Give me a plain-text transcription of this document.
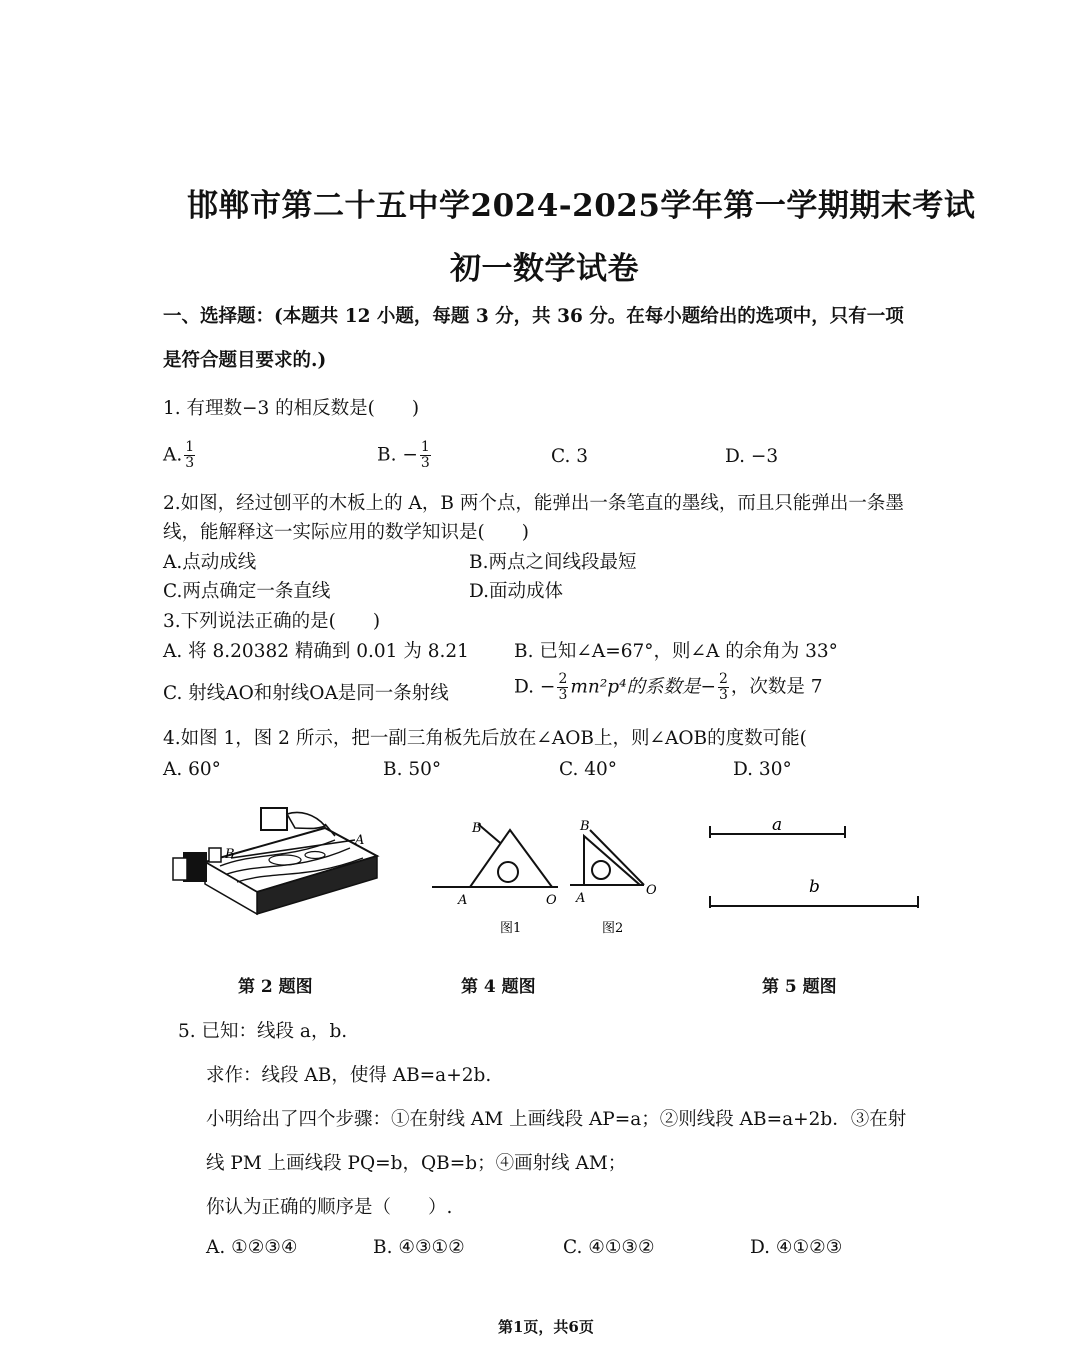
邯郸市第二十五中学2024-2025学年第一学期期末考试
初一数学试卷
一、选择题：(本题共 12 小题，每题 3 分，共 36 分。在每小题给出的选项中，只有一项
是符合题目要求的.)
1. 有理数−3 的相反数是(　　)
A. $\frac{1}{3}$	B. − $\frac{1}{3}$	C. 3	D. −3
2.如图，经过刨平的木板上的 A，B 两个点，能弹出一条笔直的墨线，而且只能弹出一条墨
线，能解释这一实际应用的数学知识是(　　)
A.点动成线	B.两点之间线段最短
C.两点确定一条直线	D.面动成体
3.下列说法正确的是(　　)
A. 将 8.20382 精确到 0.01 为 8.21 B. 已知∠A=67°，则∠A 的余角为 33°
C. 射线AO和射线OA是同一条射线	D. − $\frac{2}{3} mn^2p^4$的系数是− $\frac{2}{3}$ ，次数是 7
4.如图 1，图 2 所示，把一副三角板先后放在∠AOB上，则∠AOB的度数可能(
A. 60°	B. 50°	C. 40°	D. 30°
B
A
B
A	O
图1
B
A
O
图2
a
b
第 2 题图	第 4 题图	第 5 题图
5. 已知：线段 a，b.
求作：线段 AB，使得 AB=a+2b.
小明给出了四个步骤：①在射线 AM 上画线段 AP=a；②则线段 AB=a+2b．③在射
线 PM 上画线段 PQ=b，QB=b；④画射线 AM；
你认为正确的顺序是（　　）.
A. ①②③④	B. ④③①②	C. ④①③②	D. ④①②③
第1页，共6页
